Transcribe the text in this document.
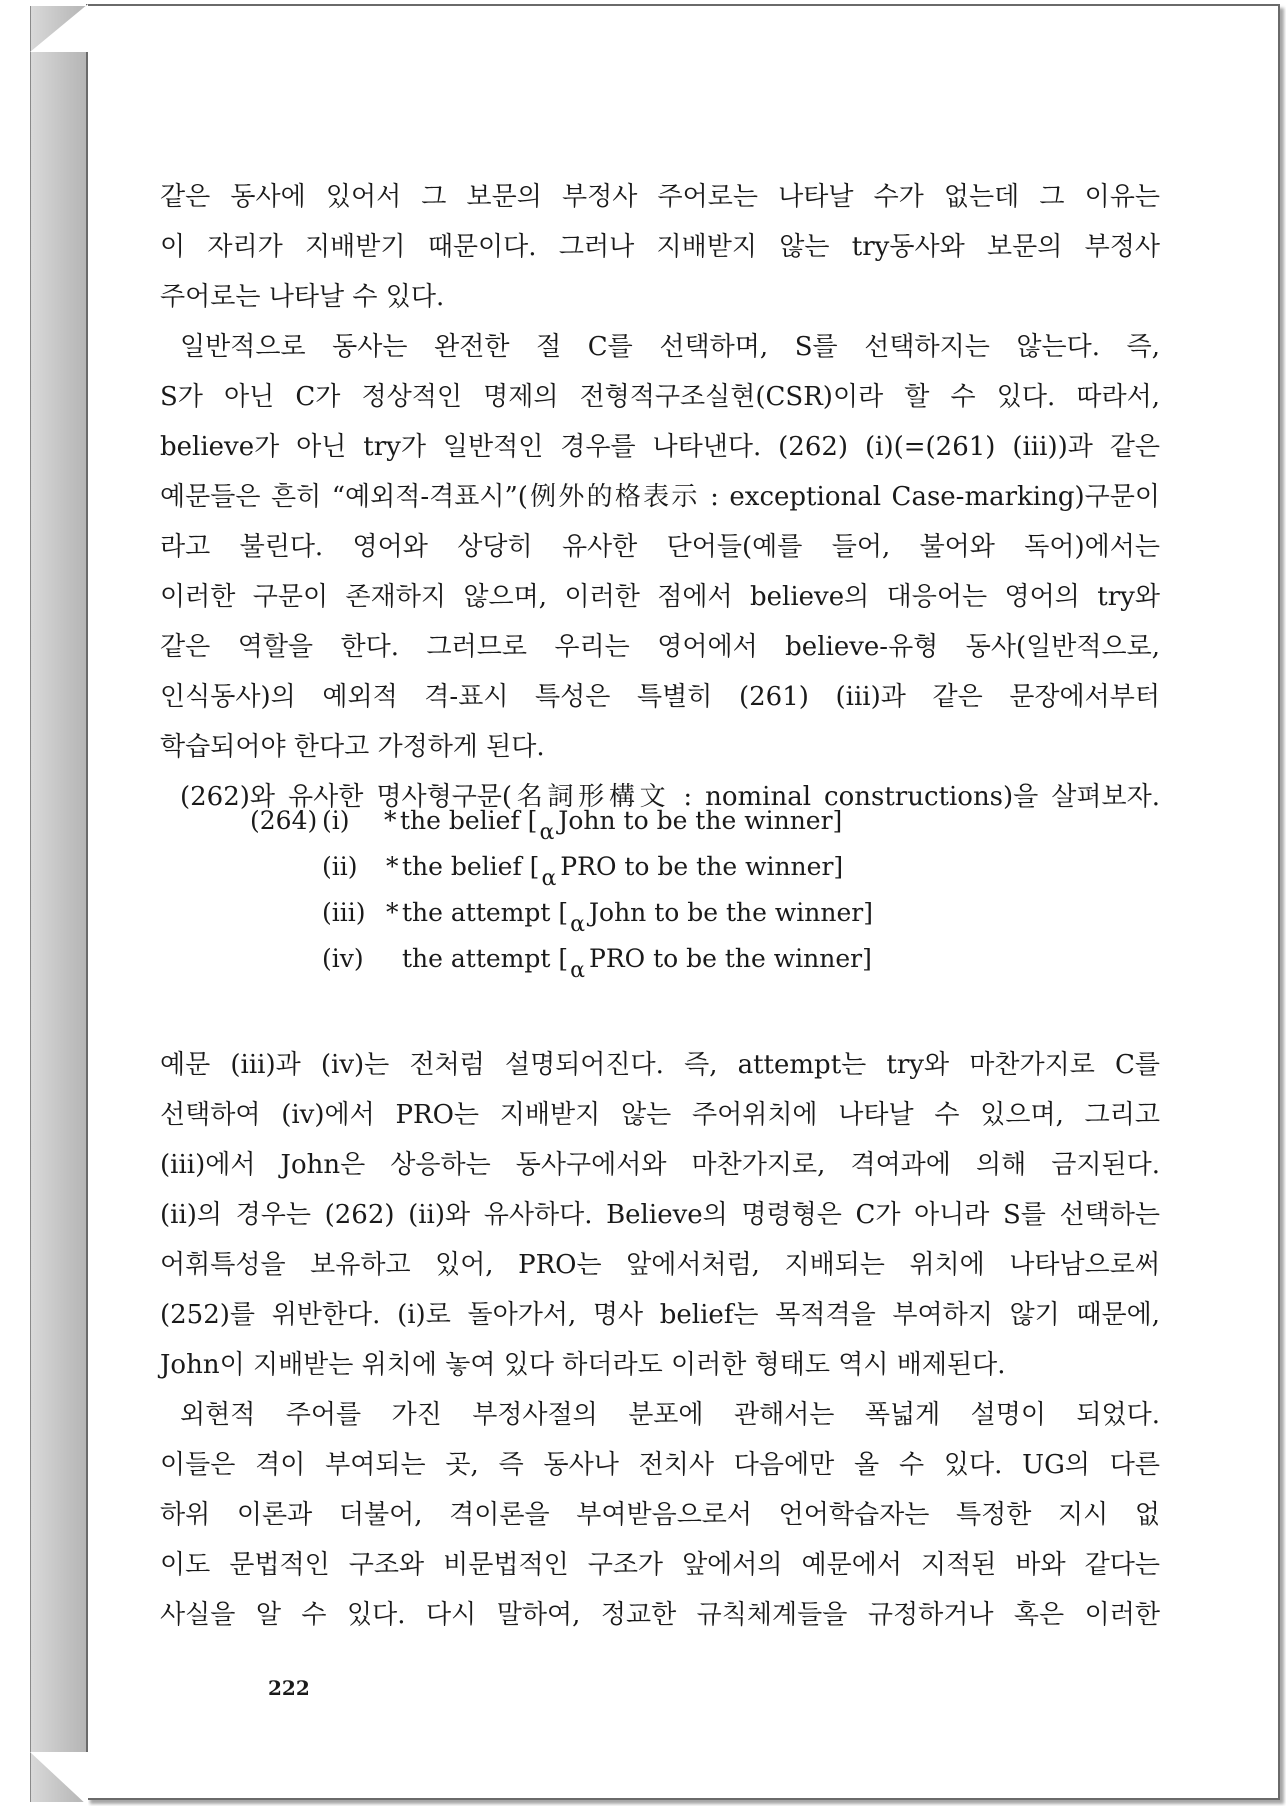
같은 동사에 있어서 그 보문의 부정사 주어로는 나타날 수가 없는데 그 이유는
이 자리가 지배받기 때문이다. 그러나 지배받지 않는 try동사와 보문의 부정사
주어로는 나타날 수 있다.
일반적으로 동사는 완전한 절 C를 선택하며, S를 선택하지는 않는다. 즉,
S가 아닌 C가 정상적인 명제의 전형적구조실현(CSR)이라 할 수 있다. 따라서,
believe가 아닌 try가 일반적인 경우를 나타낸다. (262) (i)(=(261) (iii))과 같은
예문들은 흔히 “예외적-격표시”(例外的格表示 : exceptional Case-marking)구문이
라고 불린다. 영어와 상당히 유사한 단어들(예를 들어, 불어와 독어)에서는
이러한 구문이 존재하지 않으며, 이러한 점에서 believe의 대응어는 영어의 try와
같은 역할을 한다. 그러므로 우리는 영어에서 believe-유형 동사(일반적으로,
인식동사)의 예외적 격-표시 특성은 특별히 (261) (iii)과 같은 문장에서부터
학습되어야 한다고 가정하게 된다.
(262)와 유사한 명사형구문(名詞形構文 : nominal constructions)을 살펴보자.
(264) (i) * the belief [α John to be the winner]
(ii) * the belief [α PRO to be the winner]
(iii) * the attempt [α John to be the winner]
(iv) the attempt [α PRO to be the winner]
예문 (iii)과 (iv)는 전처럼 설명되어진다. 즉, attempt는 try와 마찬가지로 C를
선택하여 (iv)에서 PRO는 지배받지 않는 주어위치에 나타날 수 있으며, 그리고
(iii)에서 John은 상응하는 동사구에서와 마찬가지로, 격여과에 의해 금지된다.
(ii)의 경우는 (262) (ii)와 유사하다. Believe의 명령형은 C가 아니라 S를 선택하는
어휘특성을 보유하고 있어, PRO는 앞에서처럼, 지배되는 위치에 나타남으로써
(252)를 위반한다. (i)로 돌아가서, 명사 belief는 목적격을 부여하지 않기 때문에,
John이 지배받는 위치에 놓여 있다 하더라도 이러한 형태도 역시 배제된다.
외현적 주어를 가진 부정사절의 분포에 관해서는 폭넓게 설명이 되었다.
이들은 격이 부여되는 곳, 즉 동사나 전치사 다음에만 올 수 있다. UG의 다른
하위 이론과 더불어, 격이론을 부여받음으로서 언어학습자는 특정한 지시 없
이도 문법적인 구조와 비문법적인 구조가 앞에서의 예문에서 지적된 바와 같다는
사실을 알 수 있다. 다시 말하여, 정교한 규칙체계들을 규정하거나 혹은 이러한
222
